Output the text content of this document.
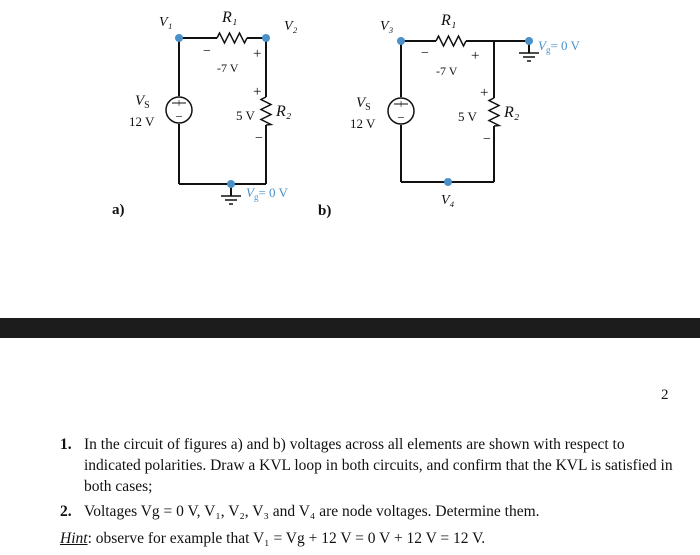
+
−
V₁	R₁
V₂
−	+
-7 V
+
5 V
−
R₂
$V_S$
12 V
$V_g= 0$ V
a)
+
−
V₃	R₁
$V_g= 0$ V
−	+
-7 V
+
5 V
−
R₂
$V_S$
12 V
V₄
b)
2
1. In the circuit of figures a) and b) voltages across all elements are shown with respect to indicated polarities. Draw a KVL loop in both circuits, and confirm that the KVL is satisfied in both cases;
2. Voltages Vg = 0 V, V₁, V₂, V₃ and V₄ are node voltages. Determine them.
Hint: observe for example that V₁ = Vg + 12 V = 0 V + 12 V = 12 V.
